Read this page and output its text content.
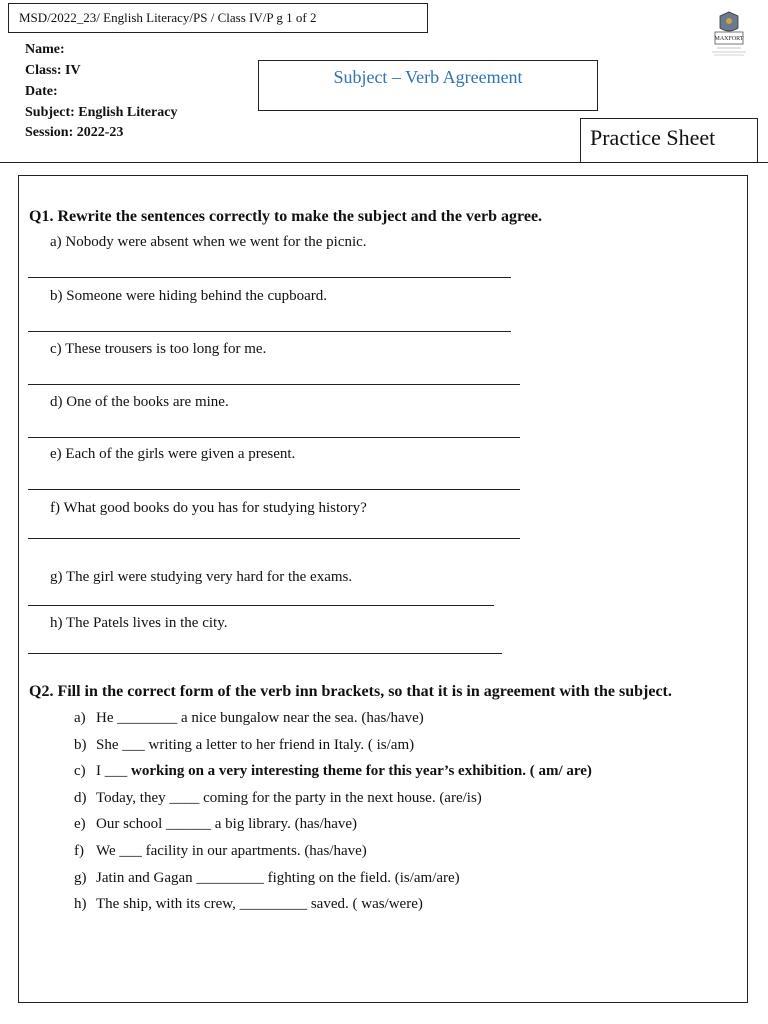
MSD/2022_23/ English Literacy/PS / Class IV/P g 1 of 2
Name:
Class: IV
Date:
Subject: English Literacy
Session: 2022-23
Subject – Verb Agreement
Practice Sheet
MAXFORT
Q1. Rewrite the sentences correctly to make the subject and the verb agree.
a) Nobody were absent when we went for the picnic.
b) Someone were hiding behind the cupboard.
c) These trousers is too long for me.
d) One of the books are mine.
e) Each of the girls were given a present.
f) What good books do you has for studying history?
g) The girl were studying very hard for the exams.
h) The Patels lives in the city.
Q2. Fill in the correct form of the verb inn brackets, so that it is in agreement with the subject.
a) He ________ a nice bungalow near the sea. (has/have)
b) She ___ writing a letter to her friend in Italy. ( is/am)
c) I ___ working on a very interesting theme for this year’s exhibition. ( am/ are)
d) Today, they ____ coming for the party in the next house. (are/is)
e) Our school ______ a big library. (has/have)
f) We ___ facility in our apartments. (has/have)
g) Jatin and Gagan _________ fighting on the field. (is/am/are)
h) The ship, with its crew, _________ saved. ( was/were)
